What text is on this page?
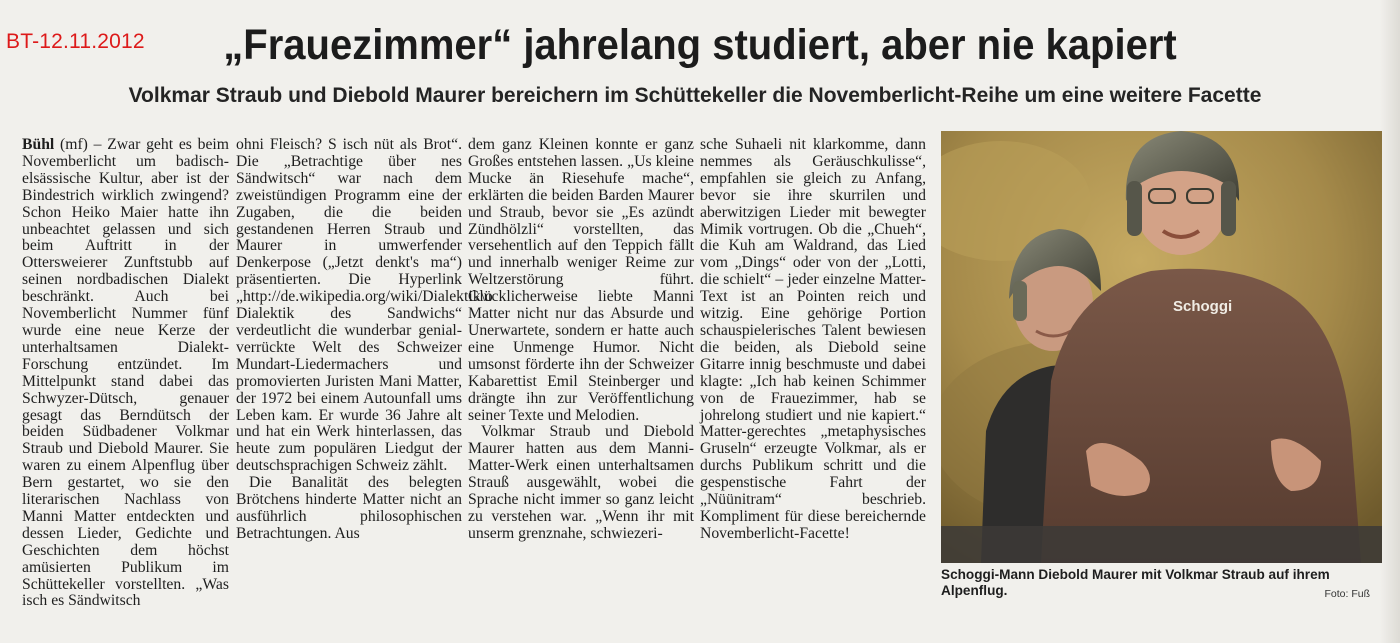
BT-12.11.2012	„Frauezimmer“ jahrelang studiert, aber nie kapiert
Volkmar Straub und Diebold Maurer bereichern im Schüttekeller die Novemberlicht-Reihe um eine weitere Facette

Bühl (mf) – Zwar geht es beim Novemberlicht um badisch-elsässische Kultur, aber ist der Bindestrich wirklich zwingend? Schon Heiko Maier hatte ihn unbeachtet gelassen und sich beim Auftritt in der Ottersweierer Zunftstubb auf seinen nordbadischen Dialekt beschränkt. Auch bei Novemberlicht Nummer fünf wurde eine neue Kerze der unterhaltsamen Dialekt-Forschung entzündet. Im Mittelpunkt stand dabei das Schwyzer-Dütsch, genauer gesagt das Berndütsch der beiden Südbadener Volkmar Straub und Diebold Maurer. Sie waren zu einem Alpenflug über Bern gestartet, wo sie den literarischen Nachlass von Manni Matter entdeckten und dessen Lieder, Gedichte und Geschichten dem höchst amüsierten Publikum im Schüttekeller vorstellten. „Was isch es Sändwitsch

ohni Fleisch? S isch nüt als Brot“. Die „Betrachtige über nes Sändwitsch“ war nach dem zweistündigen Programm eine der Zugaben, die die beiden gestandenen Herren Straub und Maurer in umwerfender Denkerpose („Jetzt denkt's ma“) präsentierten. Die Hyperlink „http://de.wikipedia.org/wiki/Dialektik\o Dialektik des Sandwichs“ verdeutlicht die wunderbar genial-verrückte Welt des Schweizer Mundart-Liedermachers und promovierten Juristen Mani Matter, der 1972 bei einem Autounfall ums Leben kam. Er wurde 36 Jahre alt und hat ein Werk hinterlassen, das heute zum populären Liedgut der deutschsprachigen Schweiz zählt.

Die Banalität des belegten Brötchens hinderte Matter nicht an ausführlich philosophischen Betrachtungen. Aus

dem ganz Kleinen konnte er ganz Großes entstehen lassen. „Us kleine Mucke än Riesehufe mache“, erklärten die beiden Barden Maurer und Straub, bevor sie „Es azündt Zündhölzli“ vorstellten, das versehentlich auf den Teppich fällt und innerhalb weniger Reime zur Weltzerstörung führt. Glücklicherweise liebte Manni Matter nicht nur das Absurde und Unerwartete, sondern er hatte auch eine Unmenge Humor. Nicht umsonst förderte ihn der Schweizer Kabarettist Emil Steinberger und drängte ihn zur Veröffentlichung seiner Texte und Melodien.

Volkmar Straub und Diebold Maurer hatten aus dem Manni-Matter-Werk einen unterhaltsamen Strauß ausgewählt, wobei die Sprache nicht immer so ganz leicht zu verstehen war. „Wenn ihr mit unserm grenznahe, schwiezeri-

sche Suhaeli nit klarkomme, dann nemmes als Geräuschkulisse“, empfahlen sie gleich zu Anfang, bevor sie ihre skurrilen und aberwitzigen Lieder mit bewegter Mimik vortrugen. Ob die „Chueh“, die Kuh am Waldrand, das Lied vom „Dings“ oder von der „Lotti, die schielt“ – jeder einzelne Matter-Text ist an Pointen reich und witzig. Eine gehörige Portion schauspielerisches Talent bewiesen die beiden, als Diebold seine Gitarre innig beschmuste und dabei klagte: „Ich hab keinen Schimmer von de Frauezimmer, hab se johrelong studiert und nie kapiert.“ Matter-gerechtes „metaphysisches Gruseln“ erzeugte Volkmar, als er durchs Publikum schritt und die gespenstische Fahrt der „Nüünitram“ beschrieb. Kompliment für diese bereichernde Novemberlicht-Facette!

Schoggi

Schoggi-Mann Diebold Maurer mit Volkmar Straub auf ihrem Alpenflug.	Foto: Fuß
